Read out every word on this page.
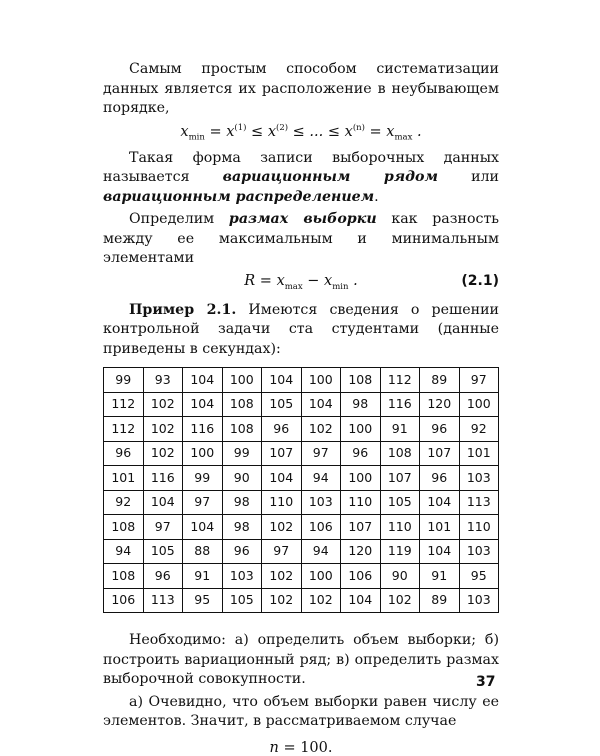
Самым простым способом систематизации данных является их расположение в неубывающем порядке,

$x_{min} = x^{(1)} \le x^{(2)}$ ≤ ... ≤ $x^{(n)} = x_{max}$ .

Такая форма записи выборочных данных называется вариационным рядом или вариационным распределением.

Определим размах выборки как разность между ее максимальным и минимальным элементами

$R = x_{max} - x_{min}$ .	(2.1)

Пример 2.1. Имеются сведения о решении контрольной задачи ста студентами (данные приведены в секундах):

99	93	104	100	104	100	108	112	89	97
112	102	104	108	105	104	98	116	120	100
112	102	116	108	96	102	100	91	96	92
96	102	100	99	107	97	96	108	107	101
101	116	99	90	104	94	100	107	96	103
92	104	97	98	110	103	110	105	104	113
108	97	104	98	102	106	107	110	101	110
94	105	88	96	97	94	120	119	104	103
108	96	91	103	102	100	106	90	91	95
106	113	95	105	102	102	104	102	89	103

Необходимо: а) определить объем выборки; б) построить вариационный ряд; в) определить размах выборочной совокупности.

а) Очевидно, что объем выборки равен числу ее элементов. Значит, в рассматриваемом случае

n = 100.
37
